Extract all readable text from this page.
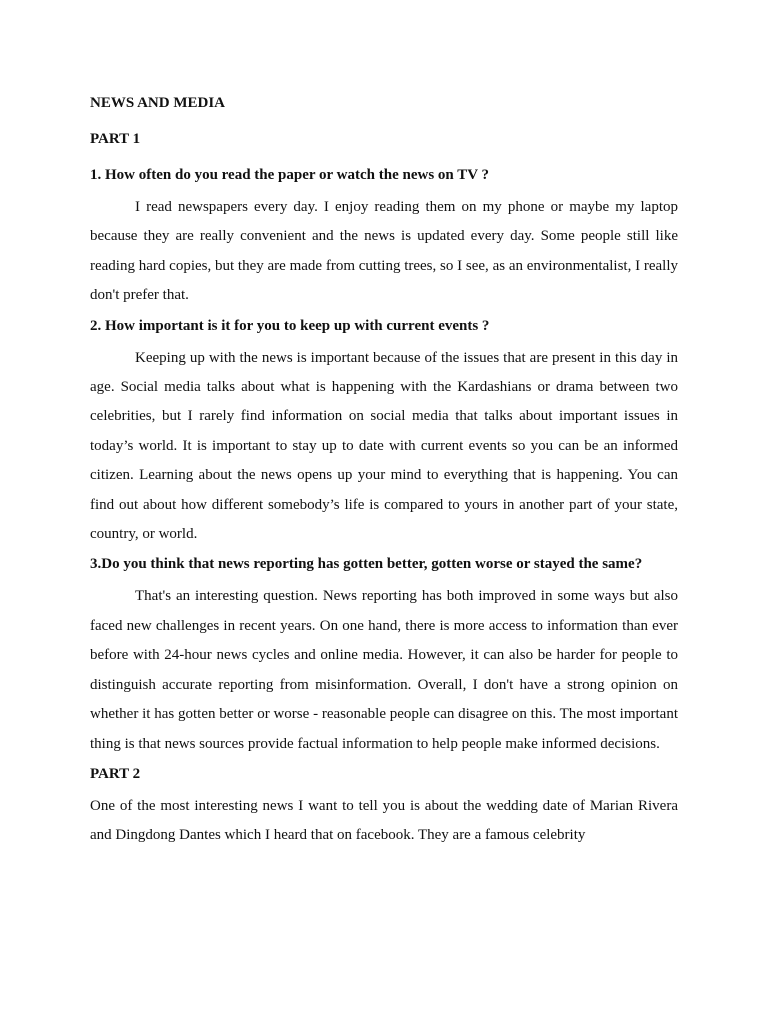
NEWS AND MEDIA

PART 1

1. How often do you read the paper or watch the news on TV ?

I read newspapers every day. I enjoy reading them on my phone or maybe my laptop because they are really convenient and the news is updated every day. Some people still like reading hard copies, but they are made from cutting trees, so I see, as an environmentalist, I really don't prefer that.

2. How important is it for you to keep up with current events ?

Keeping up with the news is important because of the issues that are present in this day in age. Social media talks about what is happening with the Kardashians or drama between two celebrities, but I rarely find information on social media that talks about important issues in today’s world. It is important to stay up to date with current events so you can be an informed citizen. Learning about the news opens up your mind to everything that is happening. You can find out about how different somebody’s life is compared to yours in another part of your state, country, or world.

3.Do you think that news reporting has gotten better, gotten worse or stayed the same?

That's an interesting question. News reporting has both improved in some ways but also faced new challenges in recent years. On one hand, there is more access to information than ever before with 24-hour news cycles and online media. However, it can also be harder for people to distinguish accurate reporting from misinformation. Overall, I don't have a strong opinion on whether it has gotten better or worse - reasonable people can disagree on this. The most important thing is that news sources provide factual information to help people make informed decisions.

PART 2

One of the most interesting news I want to tell you is about the wedding date of Marian Rivera and Dingdong Dantes which I heard that on facebook. They are a famous celebrity
